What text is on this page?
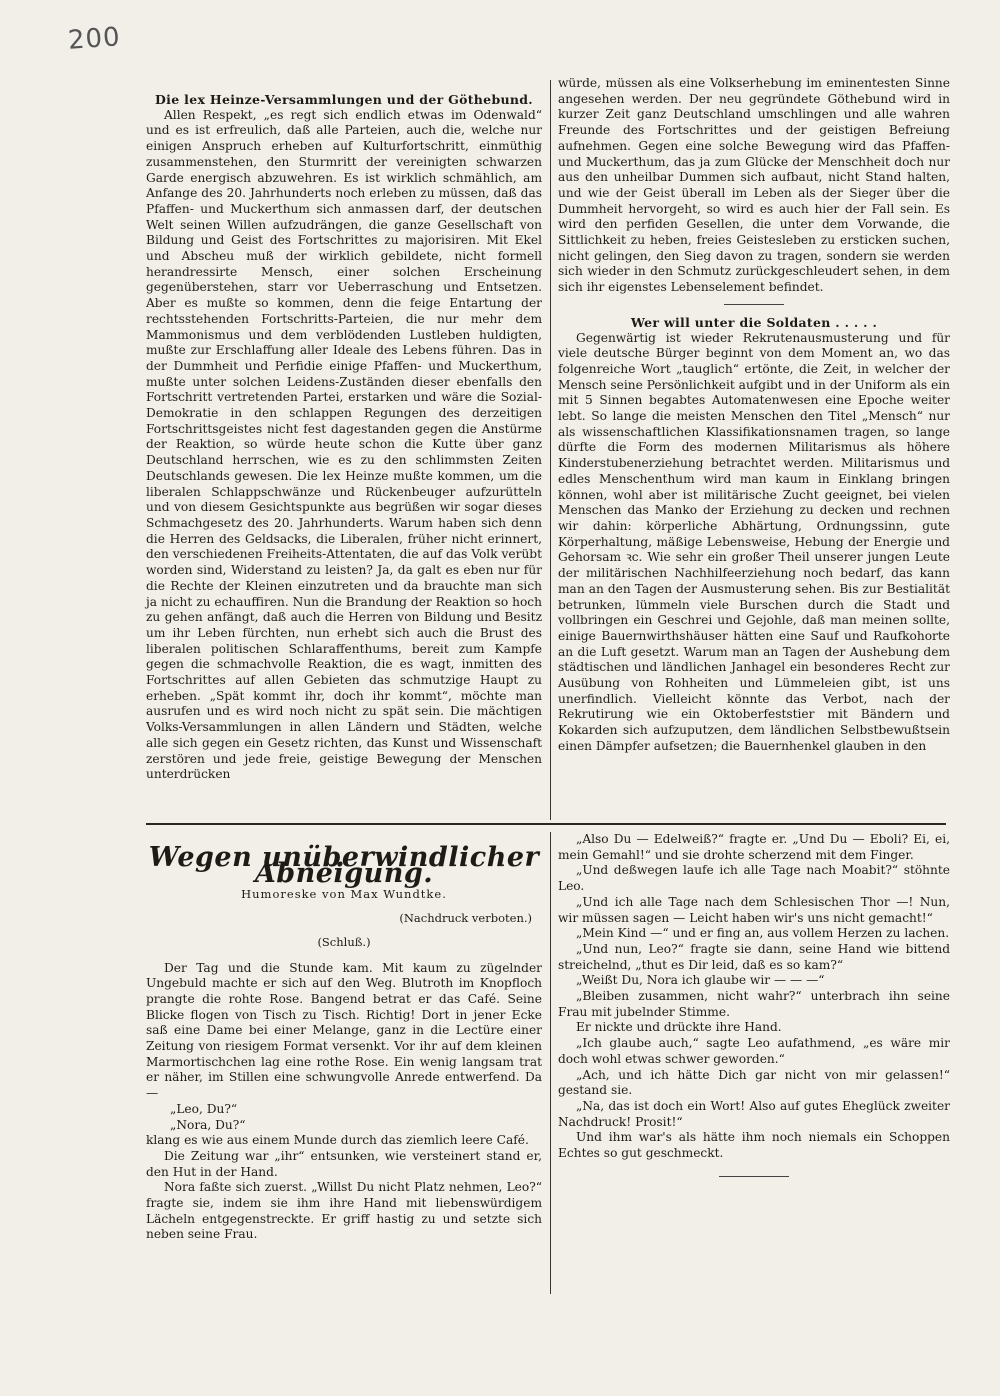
200

Die lex Heinze-Versammlungen und der Göthebund.

Allen Respekt, „es regt sich endlich etwas im Odenwald“ und es ist erfreulich, daß alle Parteien, auch die, welche nur einigen Anspruch erheben auf Kulturfortschritt, einmüthig zusammenstehen, den Sturmritt der vereinigten schwarzen Garde energisch abzuwehren. Es ist wirklich schmählich, am Anfange des 20. Jahrhunderts noch erleben zu müssen, daß das Pfaffen- und Muckerthum sich anmassen darf, der deutschen Welt seinen Willen aufzudrängen, die ganze Gesellschaft von Bildung und Geist des Fortschrittes zu majorisiren. Mit Ekel und Abscheu muß der wirklich gebildete, nicht formell herandressirte Mensch, einer solchen Erscheinung gegenüberstehen, starr vor Ueberraschung und Entsetzen. Aber es mußte so kommen, denn die feige Entartung der rechtsstehenden Fortschritts-Parteien, die nur mehr dem Mammonismus und dem verblödenden Lustleben huldigten, mußte zur Erschlaffung aller Ideale des Lebens führen. Das in der Dummheit und Perfidie einige Pfaffen- und Muckerthum, mußte unter solchen Leidens-Zuständen dieser ebenfalls den Fortschritt vertretenden Partei, erstarken und wäre die Sozial-Demokratie in den schlappen Regungen des derzeitigen Fortschrittsgeistes nicht fest dagestanden gegen die Anstürme der Reaktion, so würde heute schon die Kutte über ganz Deutschland herrschen, wie es zu den schlimmsten Zeiten Deutschlands gewesen. Die lex Heinze mußte kommen, um die liberalen Schlappschwänze und Rückenbeuger aufzurütteln und von diesem Gesichtspunkte aus begrüßen wir sogar dieses Schmachgesetz des 20. Jahrhunderts. Warum haben sich denn die Herren des Geldsacks, die Liberalen, früher nicht erinnert, den verschiedenen Freiheits-Attentaten, die auf das Volk verübt worden sind, Widerstand zu leisten? Ja, da galt es eben nur für die Rechte der Kleinen einzutreten und da brauchte man sich ja nicht zu echauffiren. Nun die Brandung der Reaktion so hoch zu gehen anfängt, daß auch die Herren von Bildung und Besitz um ihr Leben fürchten, nun erhebt sich auch die Brust des liberalen politischen Schlaraffenthums, bereit zum Kampfe gegen die schmachvolle Reaktion, die es wagt, inmitten des Fortschrittes auf allen Gebieten das schmutzige Haupt zu erheben. „Spät kommt ihr, doch ihr kommt“, möchte man ausrufen und es wird noch nicht zu spät sein. Die mächtigen Volks-Versammlungen in allen Ländern und Städten, welche alle sich gegen ein Gesetz richten, das Kunst und Wissenschaft zerstören und jede freie, geistige Bewegung der Menschen unterdrücken

würde, müssen als eine Volkserhebung im eminentesten Sinne angesehen werden. Der neu gegründete Göthebund wird in kurzer Zeit ganz Deutschland umschlingen und alle wahren Freunde des Fortschrittes und der geistigen Befreiung aufnehmen. Gegen eine solche Bewegung wird das Pfaffen- und Muckerthum, das ja zum Glücke der Menschheit doch nur aus den unheilbar Dummen sich aufbaut, nicht Stand halten, und wie der Geist überall im Leben als der Sieger über die Dummheit hervorgeht, so wird es auch hier der Fall sein. Es wird den perfiden Gesellen, die unter dem Vorwande, die Sittlichkeit zu heben, freies Geistesleben zu ersticken suchen, nicht gelingen, den Sieg davon zu tragen, sondern sie werden sich wieder in den Schmutz zurückgeschleudert sehen, in dem sich ihr eigenstes Lebenselement befindet.

Wer will unter die Soldaten . . . . .

Gegenwärtig ist wieder Rekrutenausmusterung und für viele deutsche Bürger beginnt von dem Moment an, wo das folgenreiche Wort „tauglich“ ertönte, die Zeit, in welcher der Mensch seine Persönlichkeit aufgibt und in der Uniform als ein mit 5 Sinnen begabtes Automatenwesen eine Epoche weiter lebt. So lange die meisten Menschen den Titel „Mensch“ nur als wissenschaftlichen Klassifikationsnamen tragen, so lange dürfte die Form des modernen Militarismus als höhere Kinderstubenerziehung betrachtet werden. Militarismus und edles Menschenthum wird man kaum in Einklang bringen können, wohl aber ist militärische Zucht geeignet, bei vielen Menschen das Manko der Erziehung zu decken und rechnen wir dahin: körperliche Abhärtung, Ordnungssinn, gute Körperhaltung, mäßige Lebensweise, Hebung der Energie und Gehorsam ꝛc. Wie sehr ein großer Theil unserer jungen Leute der militärischen Nachhilfeerziehung noch bedarf, das kann man an den Tagen der Ausmusterung sehen. Bis zur Bestialität betrunken, lümmeln viele Burschen durch die Stadt und vollbringen ein Geschrei und Gejohle, daß man meinen sollte, einige Bauernwirthshäuser hätten eine Sauf und Raufkohorte an die Luft gesetzt. Warum man an Tagen der Aushebung dem städtischen und ländlichen Janhagel ein besonderes Recht zur Ausübung von Rohheiten und Lümmeleien gibt, ist uns unerfindlich. Vielleicht könnte das Verbot, nach der Rekrutirung wie ein Oktoberfeststier mit Bändern und Kokarden sich aufzuputzen, dem ländlichen Selbstbewußtsein einen Dämpfer aufsetzen; die Bauernhenkel glauben in den

Wegen unüberwindlicher Abneigung.
Humoreske von Max Wundtke.
(Nachdruck verboten.)
(Schluß.)

Der Tag und die Stunde kam. Mit kaum zu zügelnder Ungebuld machte er sich auf den Weg. Blutroth im Knopfloch prangte die rohte Rose. Bangend betrat er das Café. Seine Blicke flogen von Tisch zu Tisch. Richtig! Dort in jener Ecke saß eine Dame bei einer Melange, ganz in die Lectüre einer Zeitung von riesigem Format versenkt. Vor ihr auf dem kleinen Marmortischchen lag eine rothe Rose. Ein wenig langsam trat er näher, im Stillen eine schwungvolle Anrede entwerfend. Da —

„Leo, Du?“

„Nora, Du?“

klang es wie aus einem Munde durch das ziemlich leere Café.

Die Zeitung war „ihr“ entsunken, wie versteinert stand er, den Hut in der Hand.

Nora faßte sich zuerst. „Willst Du nicht Platz nehmen, Leo?“ fragte sie, indem sie ihm ihre Hand mit liebenswürdigem Lächeln entgegenstreckte. Er griff hastig zu und setzte sich neben seine Frau.

„Also Du — Edelweiß?“ fragte er. „Und Du — Eboli? Ei, ei, mein Gemahl!“ und sie drohte scherzend mit dem Finger.

„Und deßwegen laufe ich alle Tage nach Moabit?“ stöhnte Leo.

„Und ich alle Tage nach dem Schlesischen Thor —! Nun, wir müssen sagen — Leicht haben wir's uns nicht gemacht!“

„Mein Kind —“ und er fing an, aus vollem Herzen zu lachen.

„Und nun, Leo?“ fragte sie dann, seine Hand wie bittend streichelnd, „thut es Dir leid, daß es so kam?“

„Weißt Du, Nora ich glaube wir — — —“

„Bleiben zusammen, nicht wahr?“ unterbrach ihn seine Frau mit jubelnder Stimme.

Er nickte und drückte ihre Hand.

„Ich glaube auch,“ sagte Leo aufathmend, „es wäre mir doch wohl etwas schwer geworden.“

„Ach, und ich hätte Dich gar nicht von mir gelassen!“ gestand sie.

„Na, das ist doch ein Wort! Also auf gutes Eheglück zweiter Nachdruck! Prosit!“

Und ihm war's als hätte ihm noch niemals ein Schoppen Echtes so gut geschmeckt.
